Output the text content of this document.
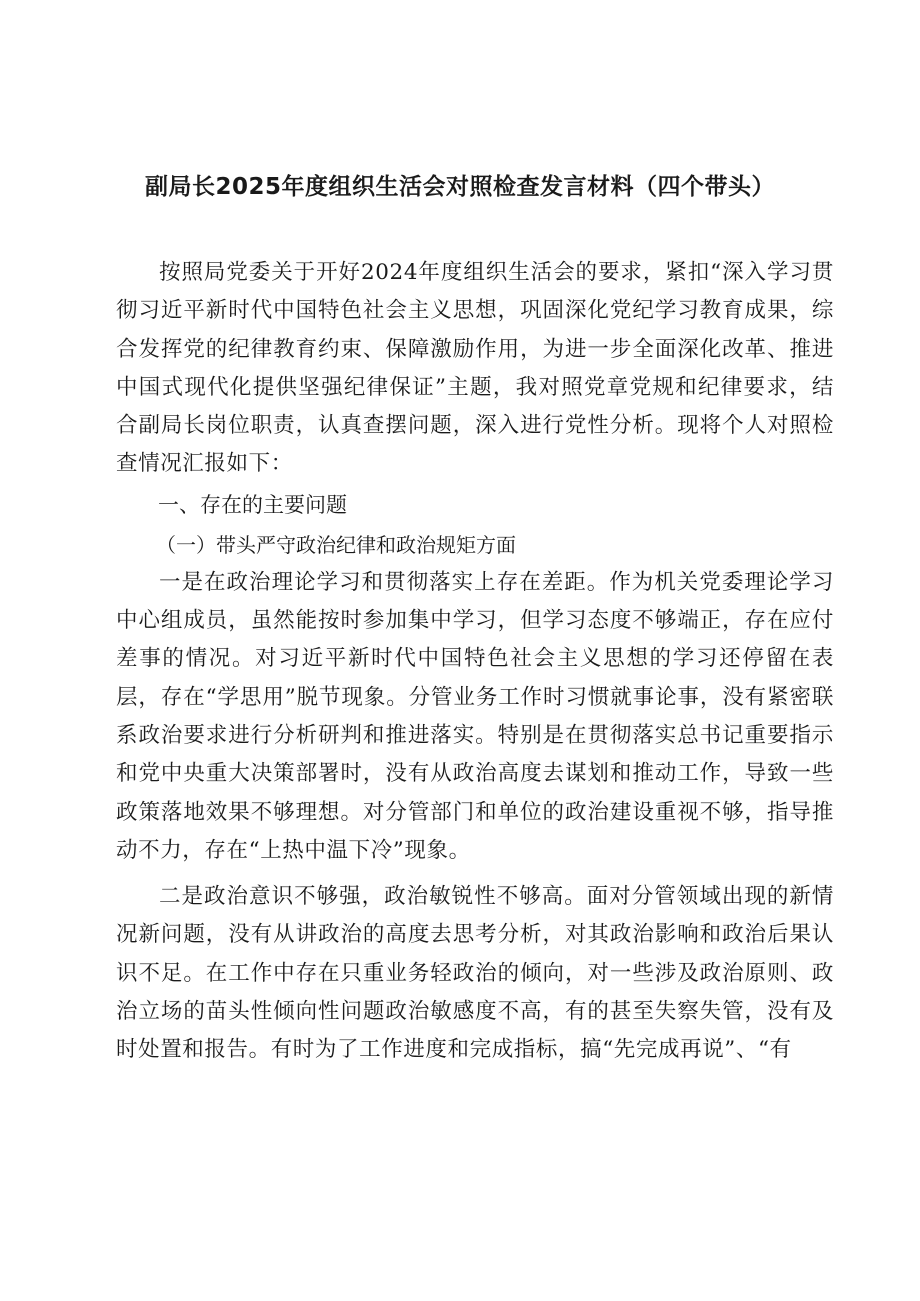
副局长2025年度组织生活会对照检查发言材料（四个带头）

按照局党委关于开好2024年度组织生活会的要求，紧扣“深入学习贯彻习近平新时代中国特色社会主义思想，巩固深化党纪学习教育成果，综合发挥党的纪律教育约束、保障激励作用，为进一步全面深化改革、推进中国式现代化提供坚强纪律保证”主题，我对照党章党规和纪律要求，结合副局长岗位职责，认真查摆问题，深入进行党性分析。现将个人对照检查情况汇报如下：

一、存在的主要问题

（一）带头严守政治纪律和政治规矩方面

一是在政治理论学习和贯彻落实上存在差距。作为机关党委理论学习中心组成员，虽然能按时参加集中学习，但学习态度不够端正，存在应付差事的情况。对习近平新时代中国特色社会主义思想的学习还停留在表层，存在“学思用”脱节现象。分管业务工作时习惯就事论事，没有紧密联系政治要求进行分析研判和推进落实。特别是在贯彻落实总书记重要指示和党中央重大决策部署时，没有从政治高度去谋划和推动工作，导致一些政策落地效果不够理想。对分管部门和单位的政治建设重视不够，指导推动不力，存在“上热中温下冷”现象。

二是政治意识不够强，政治敏锐性不够高。面对分管领域出现的新情况新问题，没有从讲政治的高度去思考分析，对其政治影响和政治后果认识不足。在工作中存在只重业务轻政治的倾向，对一些涉及政治原则、政治立场的苗头性倾向性问题政治敏感度不高，有的甚至失察失管，没有及时处置和报告。有时为了工作进度和完成指标，搞“先完成再说”、“有
